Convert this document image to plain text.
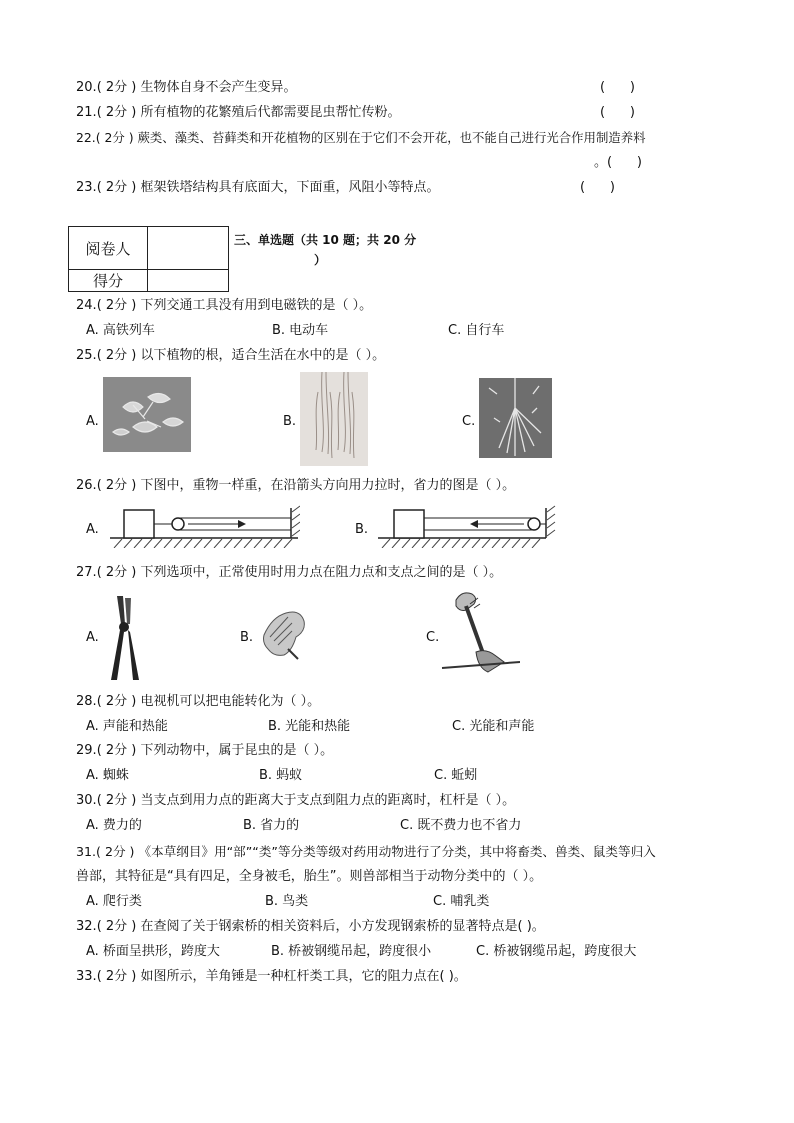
20.( 2分 ) 生物体自身不会产生变异。	(      )
21.( 2分 ) 所有植物的花繁殖后代都需要昆虫帮忙传粉。	(      )
22.( 2分 ) 蕨类、藻类、苔藓类和开花植物的区别在于它们不会开花，也不能自己进行光合作用制造养料
。(      )
23.( 2分 ) 框架铁塔结构具有底面大，下面重，风阻小等特点。	(      )
阅卷人	
得分	
三、单选题（共 10 题；共 20 分
）
24.( 2分 ) 下列交通工具没有用到电磁铁的是（ ）。
A. 高铁列车	B. 电动车	C. 自行车
25.( 2分 ) 以下植物的根，适合生活在水中的是（ ）。
A.	B.	C.
26.( 2分 ) 下图中，重物一样重，在沿箭头方向用力拉时，省力的图是（ ）。
A.	B.
27.( 2分 ) 下列选项中，正常使用时用力点在阻力点和支点之间的是（ ）。
A.	B.	C.
28.( 2分 ) 电视机可以把电能转化为（ ）。
A. 声能和热能	B. 光能和热能	C. 光能和声能
29.( 2分 ) 下列动物中，属于昆虫的是（ ）。
A. 蜘蛛	B. 蚂蚁	C. 蚯蚓
30.( 2分 ) 当支点到用力点的距离大于支点到阻力点的距离时，杠杆是（ ）。
A. 费力的	B. 省力的	C. 既不费力也不省力
31.( 2分 ) 《本草纲目》用“部”“类”等分类等级对药用动物进行了分类，其中将畜类、兽类、鼠类等归入
兽部，其特征是“具有四足，全身被毛，胎生”。则兽部相当于动物分类中的（ ）。
A. 爬行类	B. 鸟类	C. 哺乳类
32.( 2分 ) 在查阅了关于钢索桥的相关资料后，小方发现钢索桥的显著特点是( )。
A. 桥面呈拱形，跨度大	B. 桥被钢缆吊起，跨度很小	C. 桥被钢缆吊起，跨度很大
33.( 2分 ) 如图所示，羊角锤是一种杠杆类工具，它的阻力点在( )。
